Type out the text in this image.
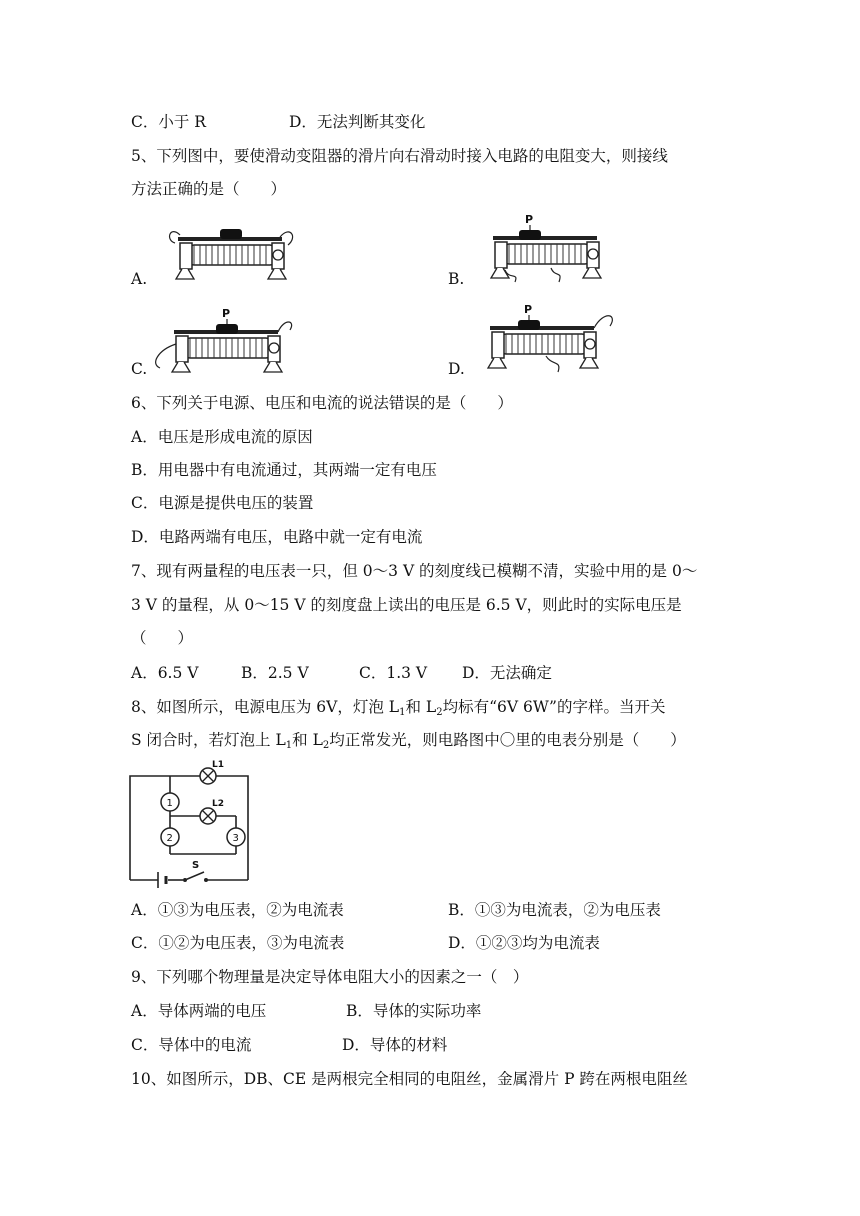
C．小于 R	D．无法判断其变化
5、下列图中，要使滑动变阻器的滑片向右滑动时接入电路的电阻变大，则接线
方法正确的是（　　）
A.	B.
P
C.
P
D.
P
6、下列关于电源、电压和电流的说法错误的是（　　）
A．电压是形成电流的原因
B．用电器中有电流通过，其两端一定有电压
C．电源是提供电压的装置
D．电路两端有电压，电路中就一定有电流
7、现有两量程的电压表一只，但 0～3 V 的刻度线已模糊不清，实验中用的是 0～
3 V 的量程，从 0～15 V 的刻度盘上读出的电压是 6.5 V，则此时的实际电压是
（　　）
A．6.5 V	B．2.5 V	C．1.3 V D．无法确定
8、如图所示，电源电压为 6V，灯泡 $L_1$和 $L_2$均标有“6V 6W”的字样。当开关
S 闭合时，若灯泡上 $L_1$和 $L_2$均正常发光，则电路图中〇里的电表分别是（　　）
L1
L2
1
2	3
S
A．①③为电压表，②为电流表	B．①③为电流表，②为电压表
C．①②为电压表，③为电流表	D．①②③均为电流表
9、下列哪个物理量是决定导体电阻大小的因素之一（　）
A．导体两端的电压	B．导体的实际功率
C．导体中的电流	D．导体的材料
10、如图所示，DB、CE 是两根完全相同的电阻丝，金属滑片 P 跨在两根电阻丝
